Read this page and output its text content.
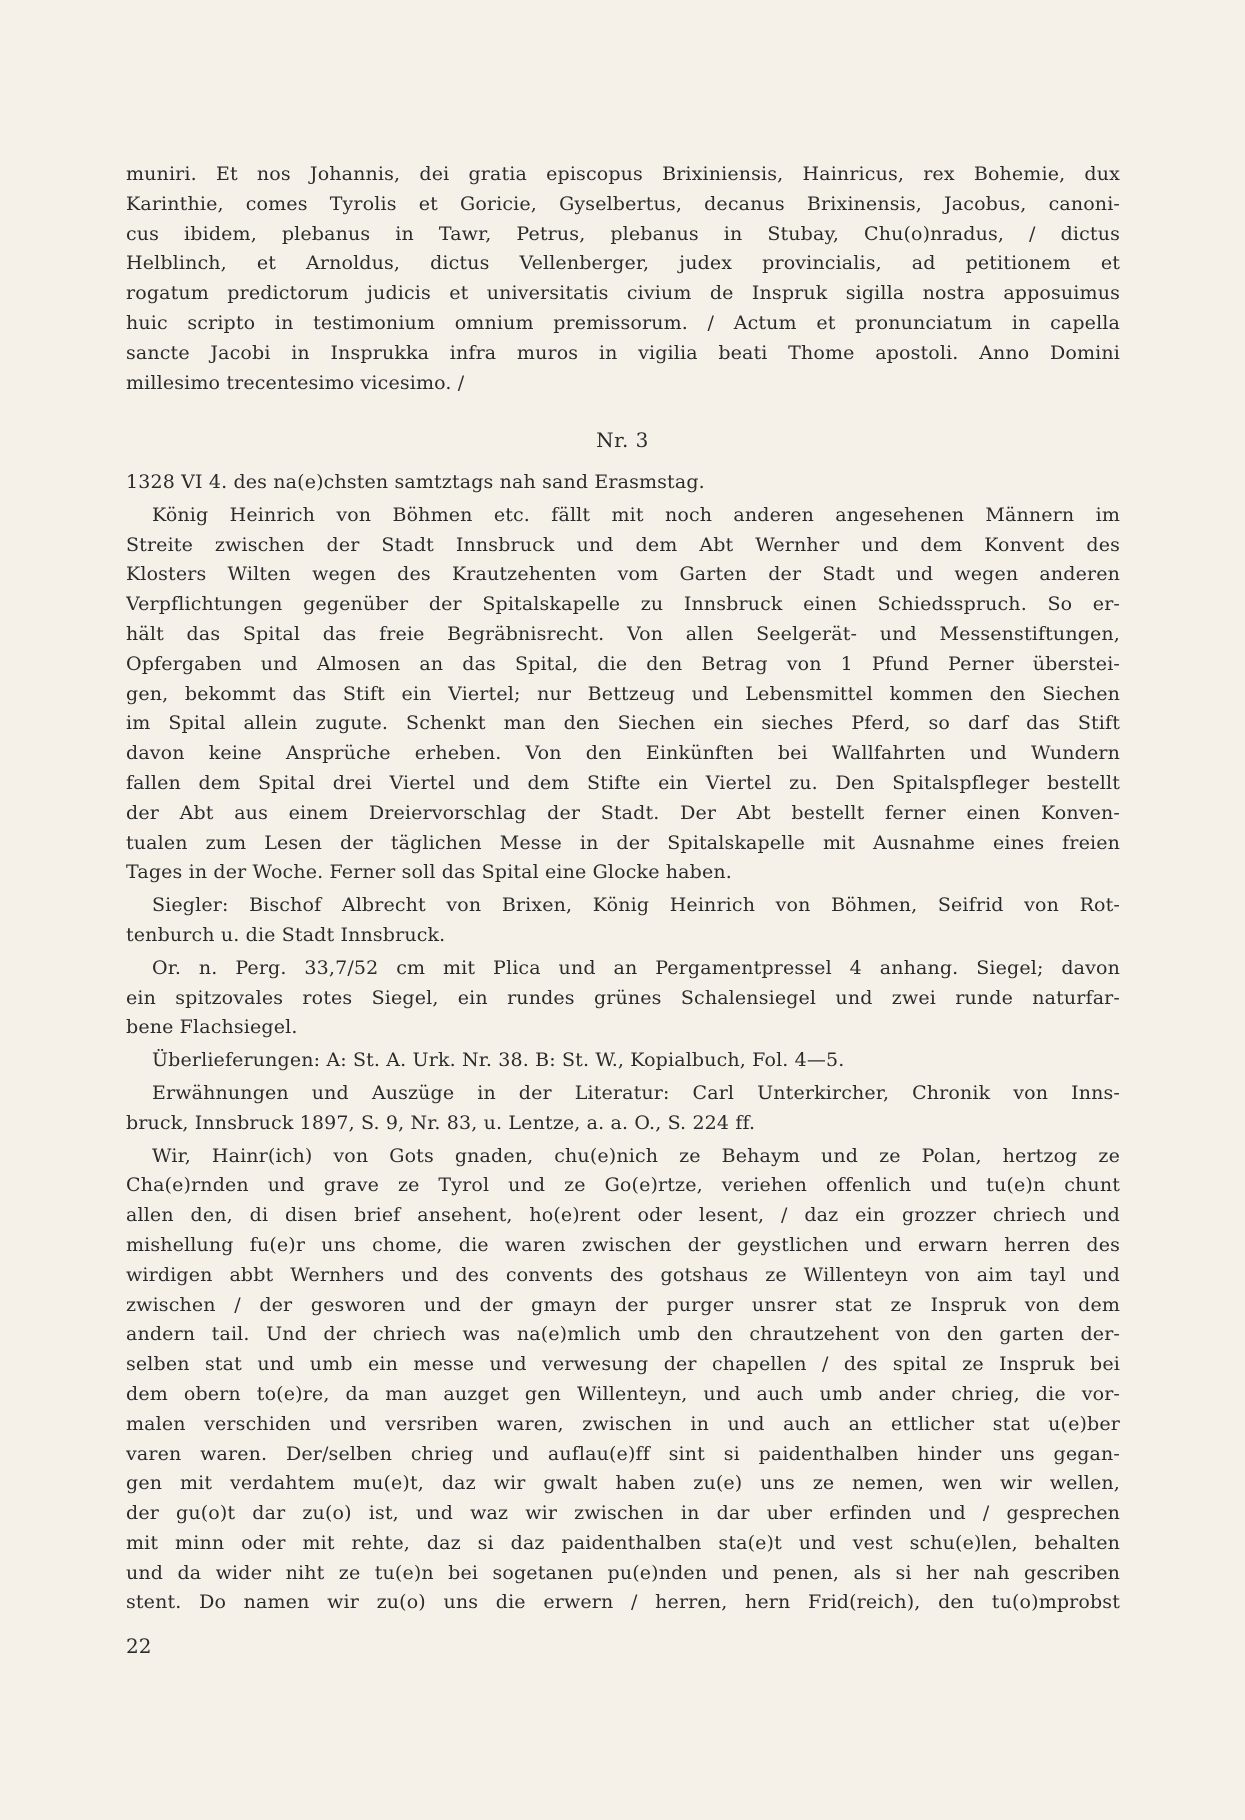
muniri. Et nos Johannis, dei gratia episcopus Brixiniensis, Hainricus, rex Bohemie, dux
Karinthie, comes Tyrolis et Goricie, Gyselbertus, decanus Brixinensis, Jacobus, canoni-
cus ibidem, plebanus in Tawr, Petrus, plebanus in Stubay, Chu(o)nradus, / dictus
Helblinch, et Arnoldus, dictus Vellenberger, judex provincialis, ad petitionem et
rogatum predictorum judicis et universitatis civium de Inspruk sigilla nostra apposuimus
huic scripto in testimonium omnium premissorum. / Actum et pronunciatum in capella
sancte Jacobi in Insprukka infra muros in vigilia beati Thome apostoli. Anno Domini
millesimo trecentesimo vicesimo. /
Nr. 3
1328 VI 4. des na(e)chsten samtztags nah sand Erasmstag.
König Heinrich von Böhmen etc. fällt mit noch anderen angesehenen Männern im
Streite zwischen der Stadt Innsbruck und dem Abt Wernher und dem Konvent des
Klosters Wilten wegen des Krautzehenten vom Garten der Stadt und wegen anderen
Verpflichtungen gegenüber der Spitalskapelle zu Innsbruck einen Schiedsspruch. So er-
hält das Spital das freie Begräbnisrecht. Von allen Seelgerät- und Messenstiftungen,
Opfergaben und Almosen an das Spital, die den Betrag von 1 Pfund Perner überstei-
gen, bekommt das Stift ein Viertel; nur Bettzeug und Lebensmittel kommen den Siechen
im Spital allein zugute. Schenkt man den Siechen ein sieches Pferd, so darf das Stift
davon keine Ansprüche erheben. Von den Einkünften bei Wallfahrten und Wundern
fallen dem Spital drei Viertel und dem Stifte ein Viertel zu. Den Spitalspfleger bestellt
der Abt aus einem Dreiervorschlag der Stadt. Der Abt bestellt ferner einen Konven-
tualen zum Lesen der täglichen Messe in der Spitalskapelle mit Ausnahme eines freien
Tages in der Woche. Ferner soll das Spital eine Glocke haben.
Siegler: Bischof Albrecht von Brixen, König Heinrich von Böhmen, Seifrid von Rot-
tenburch u. die Stadt Innsbruck.
Or. n. Perg. 33,7/52 cm mit Plica und an Pergamentpressel 4 anhang. Siegel; davon
ein spitzovales rotes Siegel, ein rundes grünes Schalensiegel und zwei runde naturfar-
bene Flachsiegel.
Überlieferungen: A: St. A. Urk. Nr. 38. B: St. W., Kopialbuch, Fol. 4—5.
Erwähnungen und Auszüge in der Literatur: Carl Unterkircher, Chronik von Inns-
bruck, Innsbruck 1897, S. 9, Nr. 83, u. Lentze, a. a. O., S. 224 ff.
Wir, Hainr(ich) von Gots gnaden, chu(e)nich ze Behaym und ze Polan, hertzog ze
Cha(e)rnden und grave ze Tyrol und ze Go(e)rtze, veriehen offenlich und tu(e)n chunt
allen den, di disen brief ansehent, ho(e)rent oder lesent, / daz ein grozzer chriech und
mishellung fu(e)r uns chome, die waren zwischen der geystlichen und erwarn herren des
wirdigen abbt Wernhers und des convents des gotshaus ze Willenteyn von aim tayl und
zwischen / der gesworen und der gmayn der purger unsrer stat ze Inspruk von dem
andern tail. Und der chriech was na(e)mlich umb den chrautzehent von den garten der-
selben stat und umb ein messe und verwesung der chapellen / des spital ze Inspruk bei
dem obern to(e)re, da man auzget gen Willenteyn, und auch umb ander chrieg, die vor-
malen verschiden und versriben waren, zwischen in und auch an ettlicher stat u(e)ber
varen waren. Der/selben chrieg und auflau(e)ff sint si paidenthalben hinder uns gegan-
gen mit verdahtem mu(e)t, daz wir gwalt haben zu(e) uns ze nemen, wen wir wellen,
der gu(o)t dar zu(o) ist, und waz wir zwischen in dar uber erfinden und / gesprechen
mit minn oder mit rehte, daz si daz paidenthalben sta(e)t und vest schu(e)len, behalten
und da wider niht ze tu(e)n bei sogetanen pu(e)nden und penen, als si her nah gescriben
stent. Do namen wir zu(o) uns die erwern / herren, hern Frid(reich), den tu(o)mprobst
22
